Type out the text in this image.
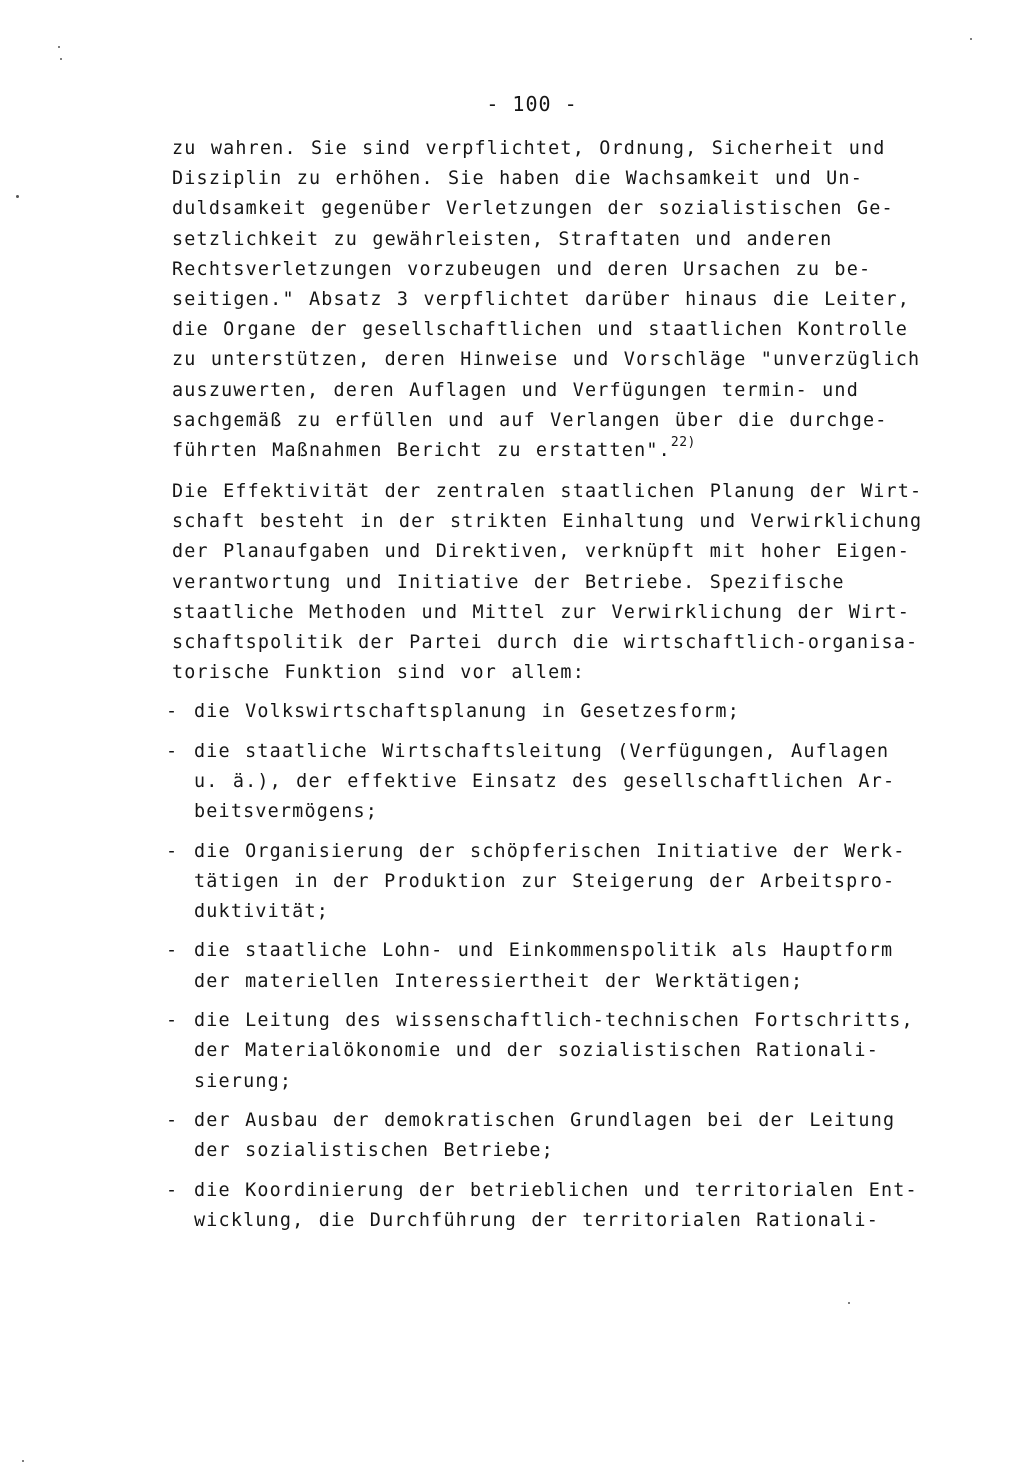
- 100 -
zu wahren. Sie sind verpflichtet, Ordnung, Sicherheit und
Disziplin zu erhöhen. Sie haben die Wachsamkeit und Un-
duldsamkeit gegenüber Verletzungen der sozialistischen Ge-
setzlichkeit zu gewährleisten, Straftaten und anderen
Rechtsverletzungen vorzubeugen und deren Ursachen zu be-
seitigen." Absatz 3 verpflichtet darüber hinaus die Leiter,
die Organe der gesellschaftlichen und staatlichen Kontrolle
zu unterstützen, deren Hinweise und Vorschläge "unverzüglich
auszuwerten, deren Auflagen und Verfügungen termin- und
sachgemäß zu erfüllen und auf Verlangen über die durchge-
führten Maßnahmen Bericht zu erstatten".$^{22)}$
Die Effektivität der zentralen staatlichen Planung der Wirt-
schaft besteht in der strikten Einhaltung und Verwirklichung
der Planaufgaben und Direktiven, verknüpft mit hoher Eigen-
verantwortung und Initiative der Betriebe. Spezifische
staatliche Methoden und Mittel zur Verwirklichung der Wirt-
schaftspolitik der Partei durch die wirtschaftlich-organisa-
torische Funktion sind vor allem:
- die Volkswirtschaftsplanung in Gesetzesform;
- die staatliche Wirtschaftsleitung (Verfügungen, Auflagen
u. ä.), der effektive Einsatz des gesellschaftlichen Ar-
beitsvermögens;
- die Organisierung der schöpferischen Initiative der Werk-
tätigen in der Produktion zur Steigerung der Arbeitspro-
duktivität;
- die staatliche Lohn- und Einkommenspolitik als Hauptform
der materiellen Interessiertheit der Werktätigen;
- die Leitung des wissenschaftlich-technischen Fortschritts,
der Materialökonomie und der sozialistischen Rationali-
sierung;
- der Ausbau der demokratischen Grundlagen bei der Leitung
der sozialistischen Betriebe;
- die Koordinierung der betrieblichen und territorialen Ent-
wicklung, die Durchführung der territorialen Rationali-
